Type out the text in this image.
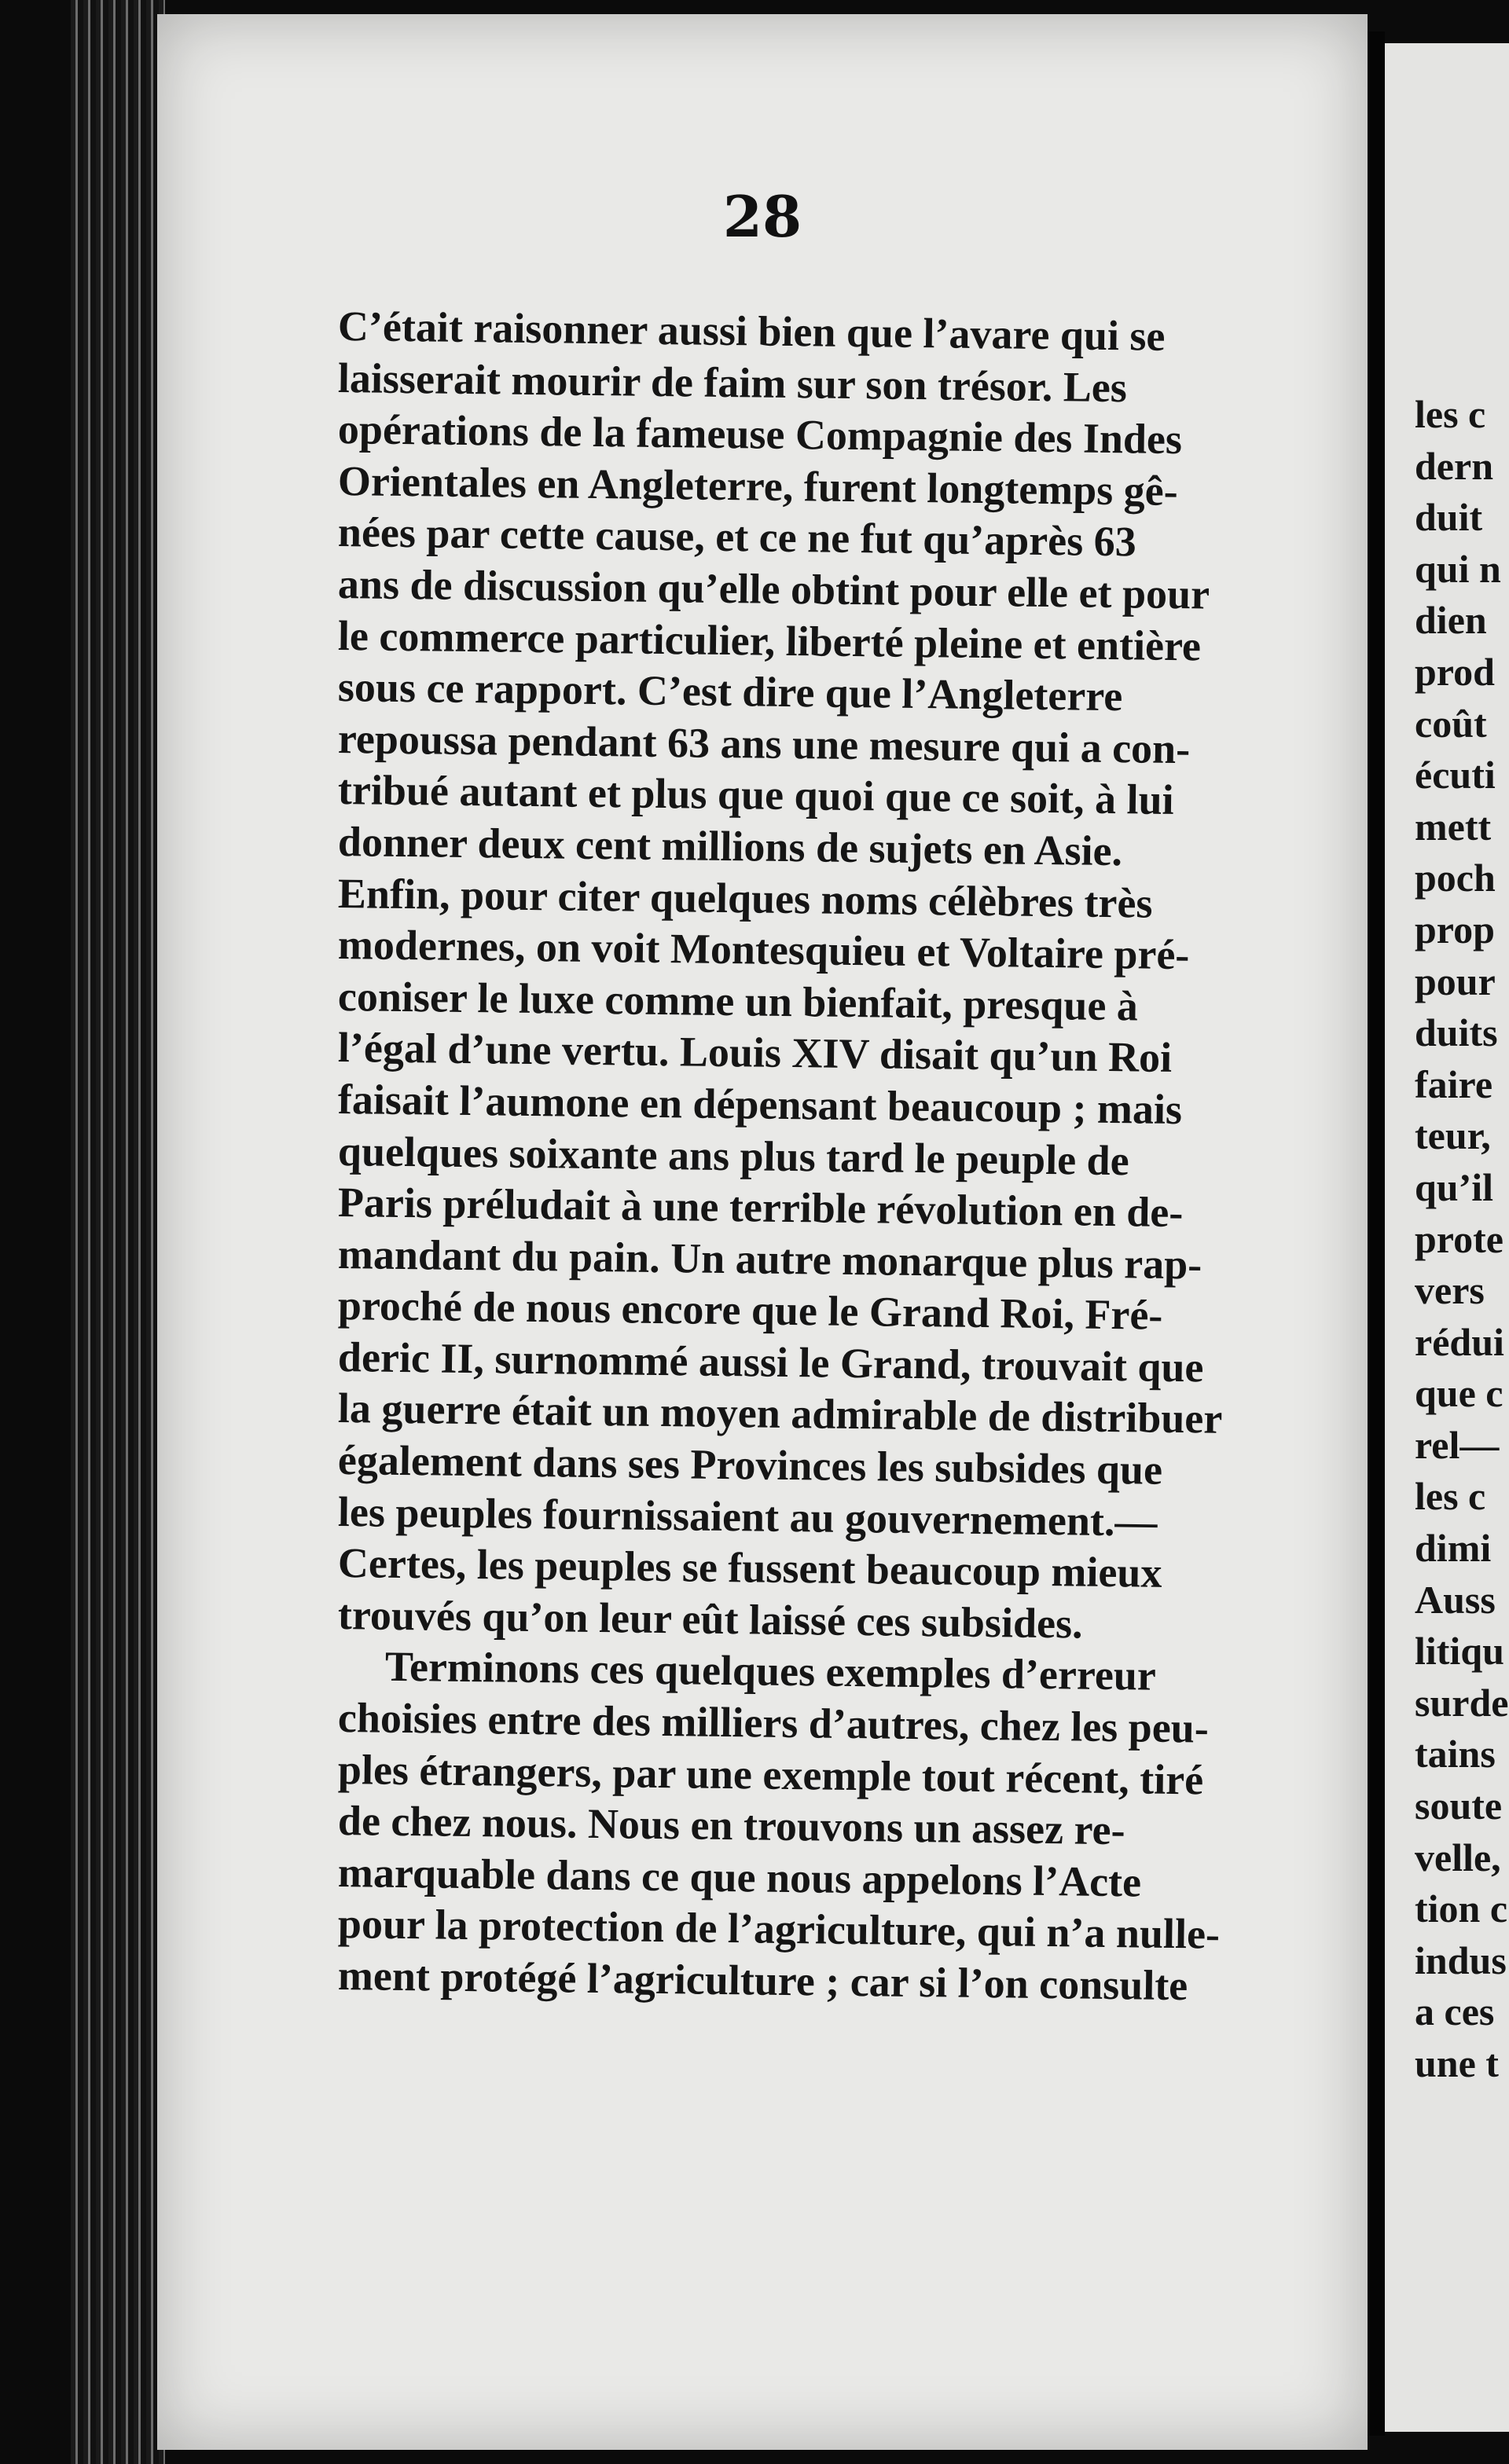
28
C’était raisonner aussi bien que l’avare qui se
laisserait mourir de faim sur son trésor. Les
opérations de la fameuse Compagnie des Indes
Orientales en Angleterre, furent longtemps gê-
nées par cette cause, et ce ne fut qu’après 63
ans de discussion qu’elle obtint pour elle et pour
le commerce particulier, liberté pleine et entière
sous ce rapport. C’est dire que l’Angleterre
repoussa pendant 63 ans une mesure qui a con-
tribué autant et plus que quoi que ce soit, à lui
donner deux cent millions de sujets en Asie.
Enfin, pour citer quelques noms célèbres très
modernes, on voit Montesquieu et Voltaire pré-
coniser le luxe comme un bienfait, presque à
l’égal d’une vertu. Louis XIV disait qu’un Roi
faisait l’aumone en dépensant beaucoup ; mais
quelques soixante ans plus tard le peuple de
Paris préludait à une terrible révolution en de-
mandant du pain. Un autre monarque plus rap-
proché de nous encore que le Grand Roi, Fré-
deric II, surnommé aussi le Grand, trouvait que
la guerre était un moyen admirable de distribuer
également dans ses Provinces les subsides que
les peuples fournissaient au gouvernement.—
Certes, les peuples se fussent beaucoup mieux
trouvés qu’on leur eût laissé ces subsides.
Terminons ces quelques exemples d’erreur
choisies entre des milliers d’autres, chez les peu-
ples étrangers, par une exemple tout récent, tiré
de chez nous. Nous en trouvons un assez re-
marquable dans ce que nous appelons l’Acte
pour la protection de l’agriculture, qui n’a nulle-
ment protégé l’agriculture ; car si l’on consulte
les c
dern
duit
qui n
dien
prod
coût
écuti
mett
poch
prop
pour
duits
faire
teur,
qu’il
prote
vers
rédui
que c
rel—
les c
dimi
Auss
litiqu
surde
tains
soute
velle,
tion c
indus
a ces
une t
